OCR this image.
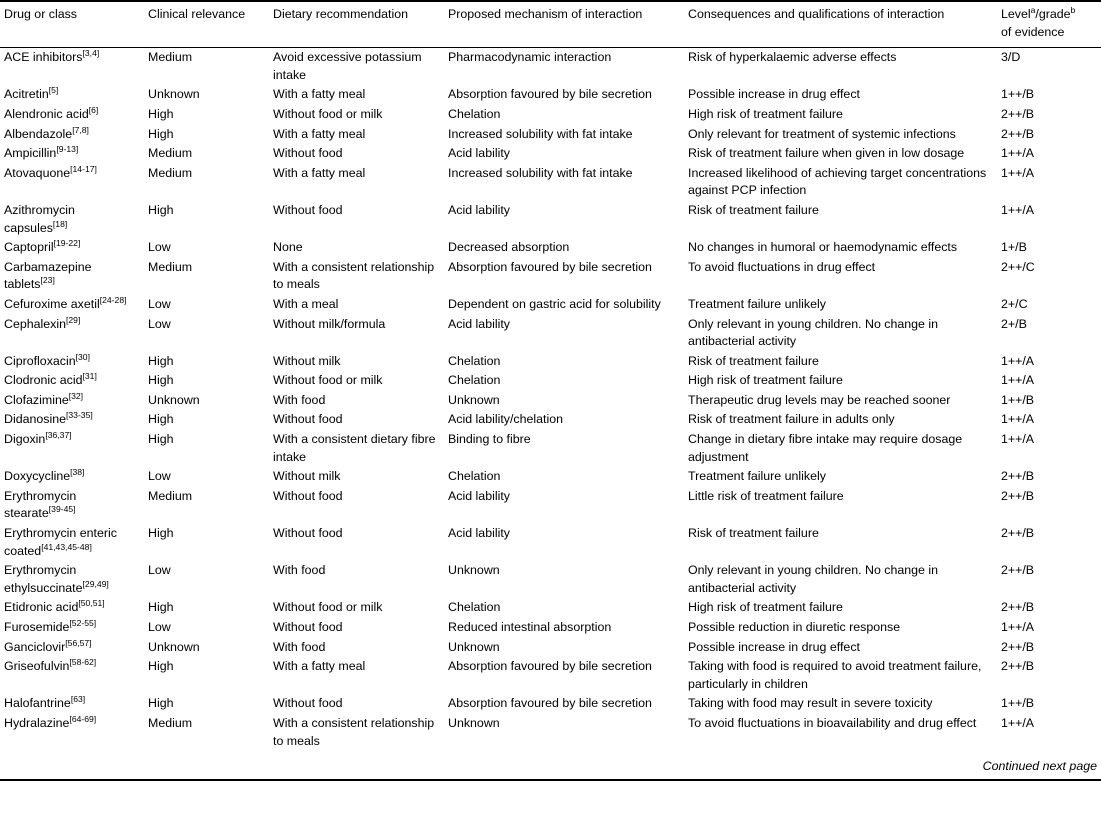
Drug or class	Clinical relevance	Dietary recommendation	Proposed mechanism of interaction	Consequences and qualifications of interaction	Level$^a$/grade$^b$
of evidence
ACE inhibitors[3,4]	Medium	Avoid excessive potassium intake	Pharmacodynamic interaction	Risk of hyperkalaemic adverse effects	3/D
Acitretin[5]	Unknown	With a fatty meal	Absorption favoured by bile secretion	Possible increase in drug effect	1++/B
Alendronic acid[6]	High	Without food or milk	Chelation	High risk of treatment failure	2++/B
Albendazole[7,8]	High	With a fatty meal	Increased solubility with fat intake	Only relevant for treatment of systemic infections	2++/B
Ampicillin[9-13]	Medium	Without food	Acid lability	Risk of treatment failure when given in low dosage	1++/A
Atovaquone[14-17]	Medium	With a fatty meal	Increased solubility with fat intake	Increased likelihood of achieving target concentrations against PCP infection	1++/A
Azithromycin capsules[18]	High	Without food	Acid lability	Risk of treatment failure	1++/A
Captopril[19-22]	Low	None	Decreased absorption	No changes in humoral or haemodynamic effects	1+/B
Carbamazepine tablets[23]	Medium	With a consistent relationship to meals	Absorption favoured by bile secretion	To avoid fluctuations in drug effect	2++/C
Cefuroxime axetil[24-28]	Low	With a meal	Dependent on gastric acid for solubility	Treatment failure unlikely	2+/C
Cephalexin[29]	Low	Without milk/formula	Acid lability	Only relevant in young children. No change in antibacterial activity	2+/B
Ciprofloxacin[30]	High	Without milk	Chelation	Risk of treatment failure	1++/A
Clodronic acid[31]	High	Without food or milk	Chelation	High risk of treatment failure	1++/A
Clofazimine[32]	Unknown	With food	Unknown	Therapeutic drug levels may be reached sooner	1++/B
Didanosine[33-35]	High	Without food	Acid lability/chelation	Risk of treatment failure in adults only	1++/A
Digoxin[36,37]	High	With a consistent dietary fibre intake	Binding to fibre	Change in dietary fibre intake may require dosage adjustment	1++/A
Doxycycline[38]	Low	Without milk	Chelation	Treatment failure unlikely	2++/B
Erythromycin stearate[39-45]	Medium	Without food	Acid lability	Little risk of treatment failure	2++/B
Erythromycin enteric coated[41,43,45-48]	High	Without food	Acid lability	Risk of treatment failure	2++/B
Erythromycin ethylsuccinate[29,49]	Low	With food	Unknown	Only relevant in young children. No change in antibacterial activity	2++/B
Etidronic acid[50,51]	High	Without food or milk	Chelation	High risk of treatment failure	2++/B
Furosemide[52-55]	Low	Without food	Reduced intestinal absorption	Possible reduction in diuretic response	1++/A
Ganciclovir[56,57]	Unknown	With food	Unknown	Possible increase in drug effect	2++/B
Griseofulvin[58-62]	High	With a fatty meal	Absorption favoured by bile secretion	Taking with food is required to avoid treatment failure, particularly in children	2++/B
Halofantrine[63]	High	Without food	Absorption favoured by bile secretion	Taking with food may result in severe toxicity	1++/B
Hydralazine[64-69]	Medium	With a consistent relationship to meals	Unknown	To avoid fluctuations in bioavailability and drug effect	1++/A
Continued next page					
